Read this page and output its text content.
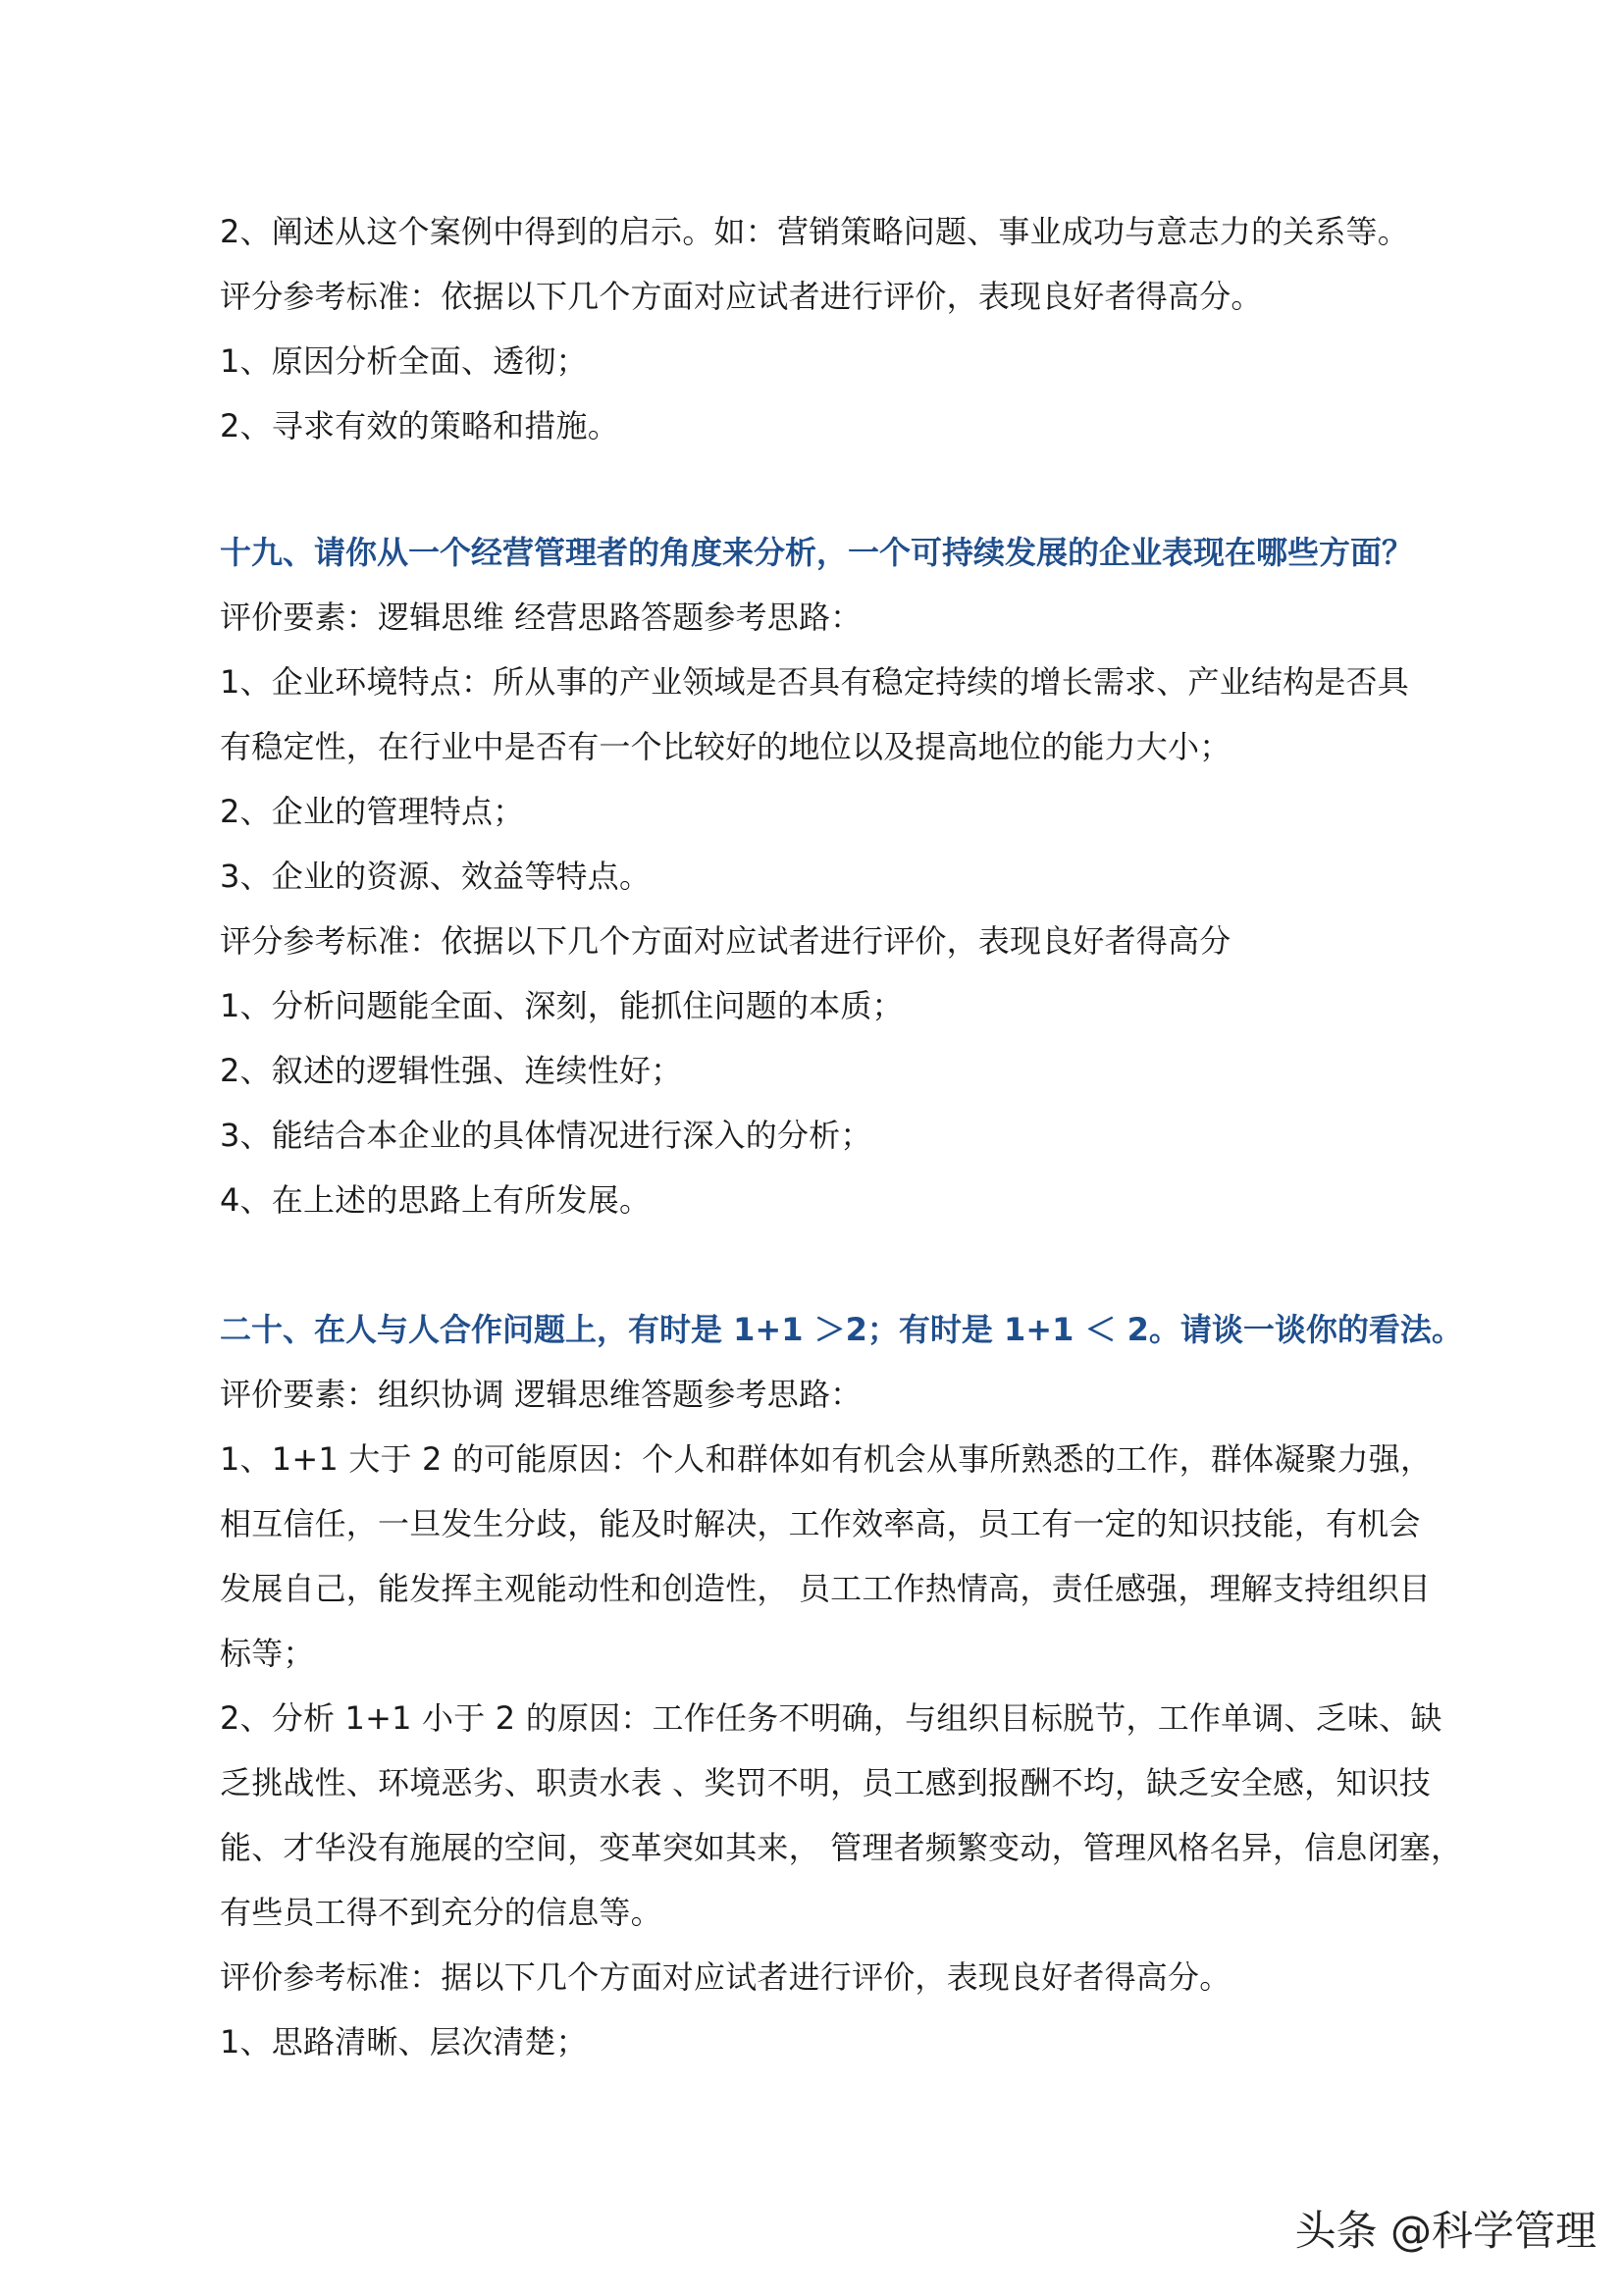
2、阐述从这个案例中得到的启示。如：营销策略问题、事业成功与意志力的关系等。
评分参考标准：依据以下几个方面对应试者进行评价，表现良好者得高分。
1、原因分析全面、透彻；
2、寻求有效的策略和措施。
十九、请你从一个经营管理者的角度来分析，一个可持续发展的企业表现在哪些方面？
评价要素：逻辑思维 经营思路答题参考思路：
1、企业环境特点：所从事的产业领域是否具有稳定持续的增长需求、产业结构是否具
有稳定性，在行业中是否有一个比较好的地位以及提高地位的能力大小；
2、企业的管理特点；
3、企业的资源、效益等特点。
评分参考标准：依据以下几个方面对应试者进行评价，表现良好者得高分
1、分析问题能全面、深刻，能抓住问题的本质；
2、叙述的逻辑性强、连续性好；
3、能结合本企业的具体情况进行深入的分析；
4、在上述的思路上有所发展。
二十、在人与人合作问题上，有时是 1+1 ＞2；有时是 1+1 ＜ 2。请谈一谈你的看法。
评价要素：组织协调 逻辑思维答题参考思路：
1、1+1 大于 2 的可能原因：个人和群体如有机会从事所熟悉的工作，群体凝聚力强，
相互信任，一旦发生分歧，能及时解决，工作效率高，员工有一定的知识技能，有机会
发展自己，能发挥主观能动性和创造性， 员工工作热情高，责任感强，理解支持组织目
标等；
2、分析 1+1 小于 2 的原因：工作任务不明确，与组织目标脱节，工作单调、乏味、缺
乏挑战性、环境恶劣、职责水表 、奖罚不明，员工感到报酬不均，缺乏安全感，知识技
能、才华没有施展的空间，变革突如其来， 管理者频繁变动，管理风格名异，信息闭塞，
有些员工得不到充分的信息等。
评价参考标准：据以下几个方面对应试者进行评价，表现良好者得高分。
1、思路清晰、层次清楚；
头条 @科学管理
